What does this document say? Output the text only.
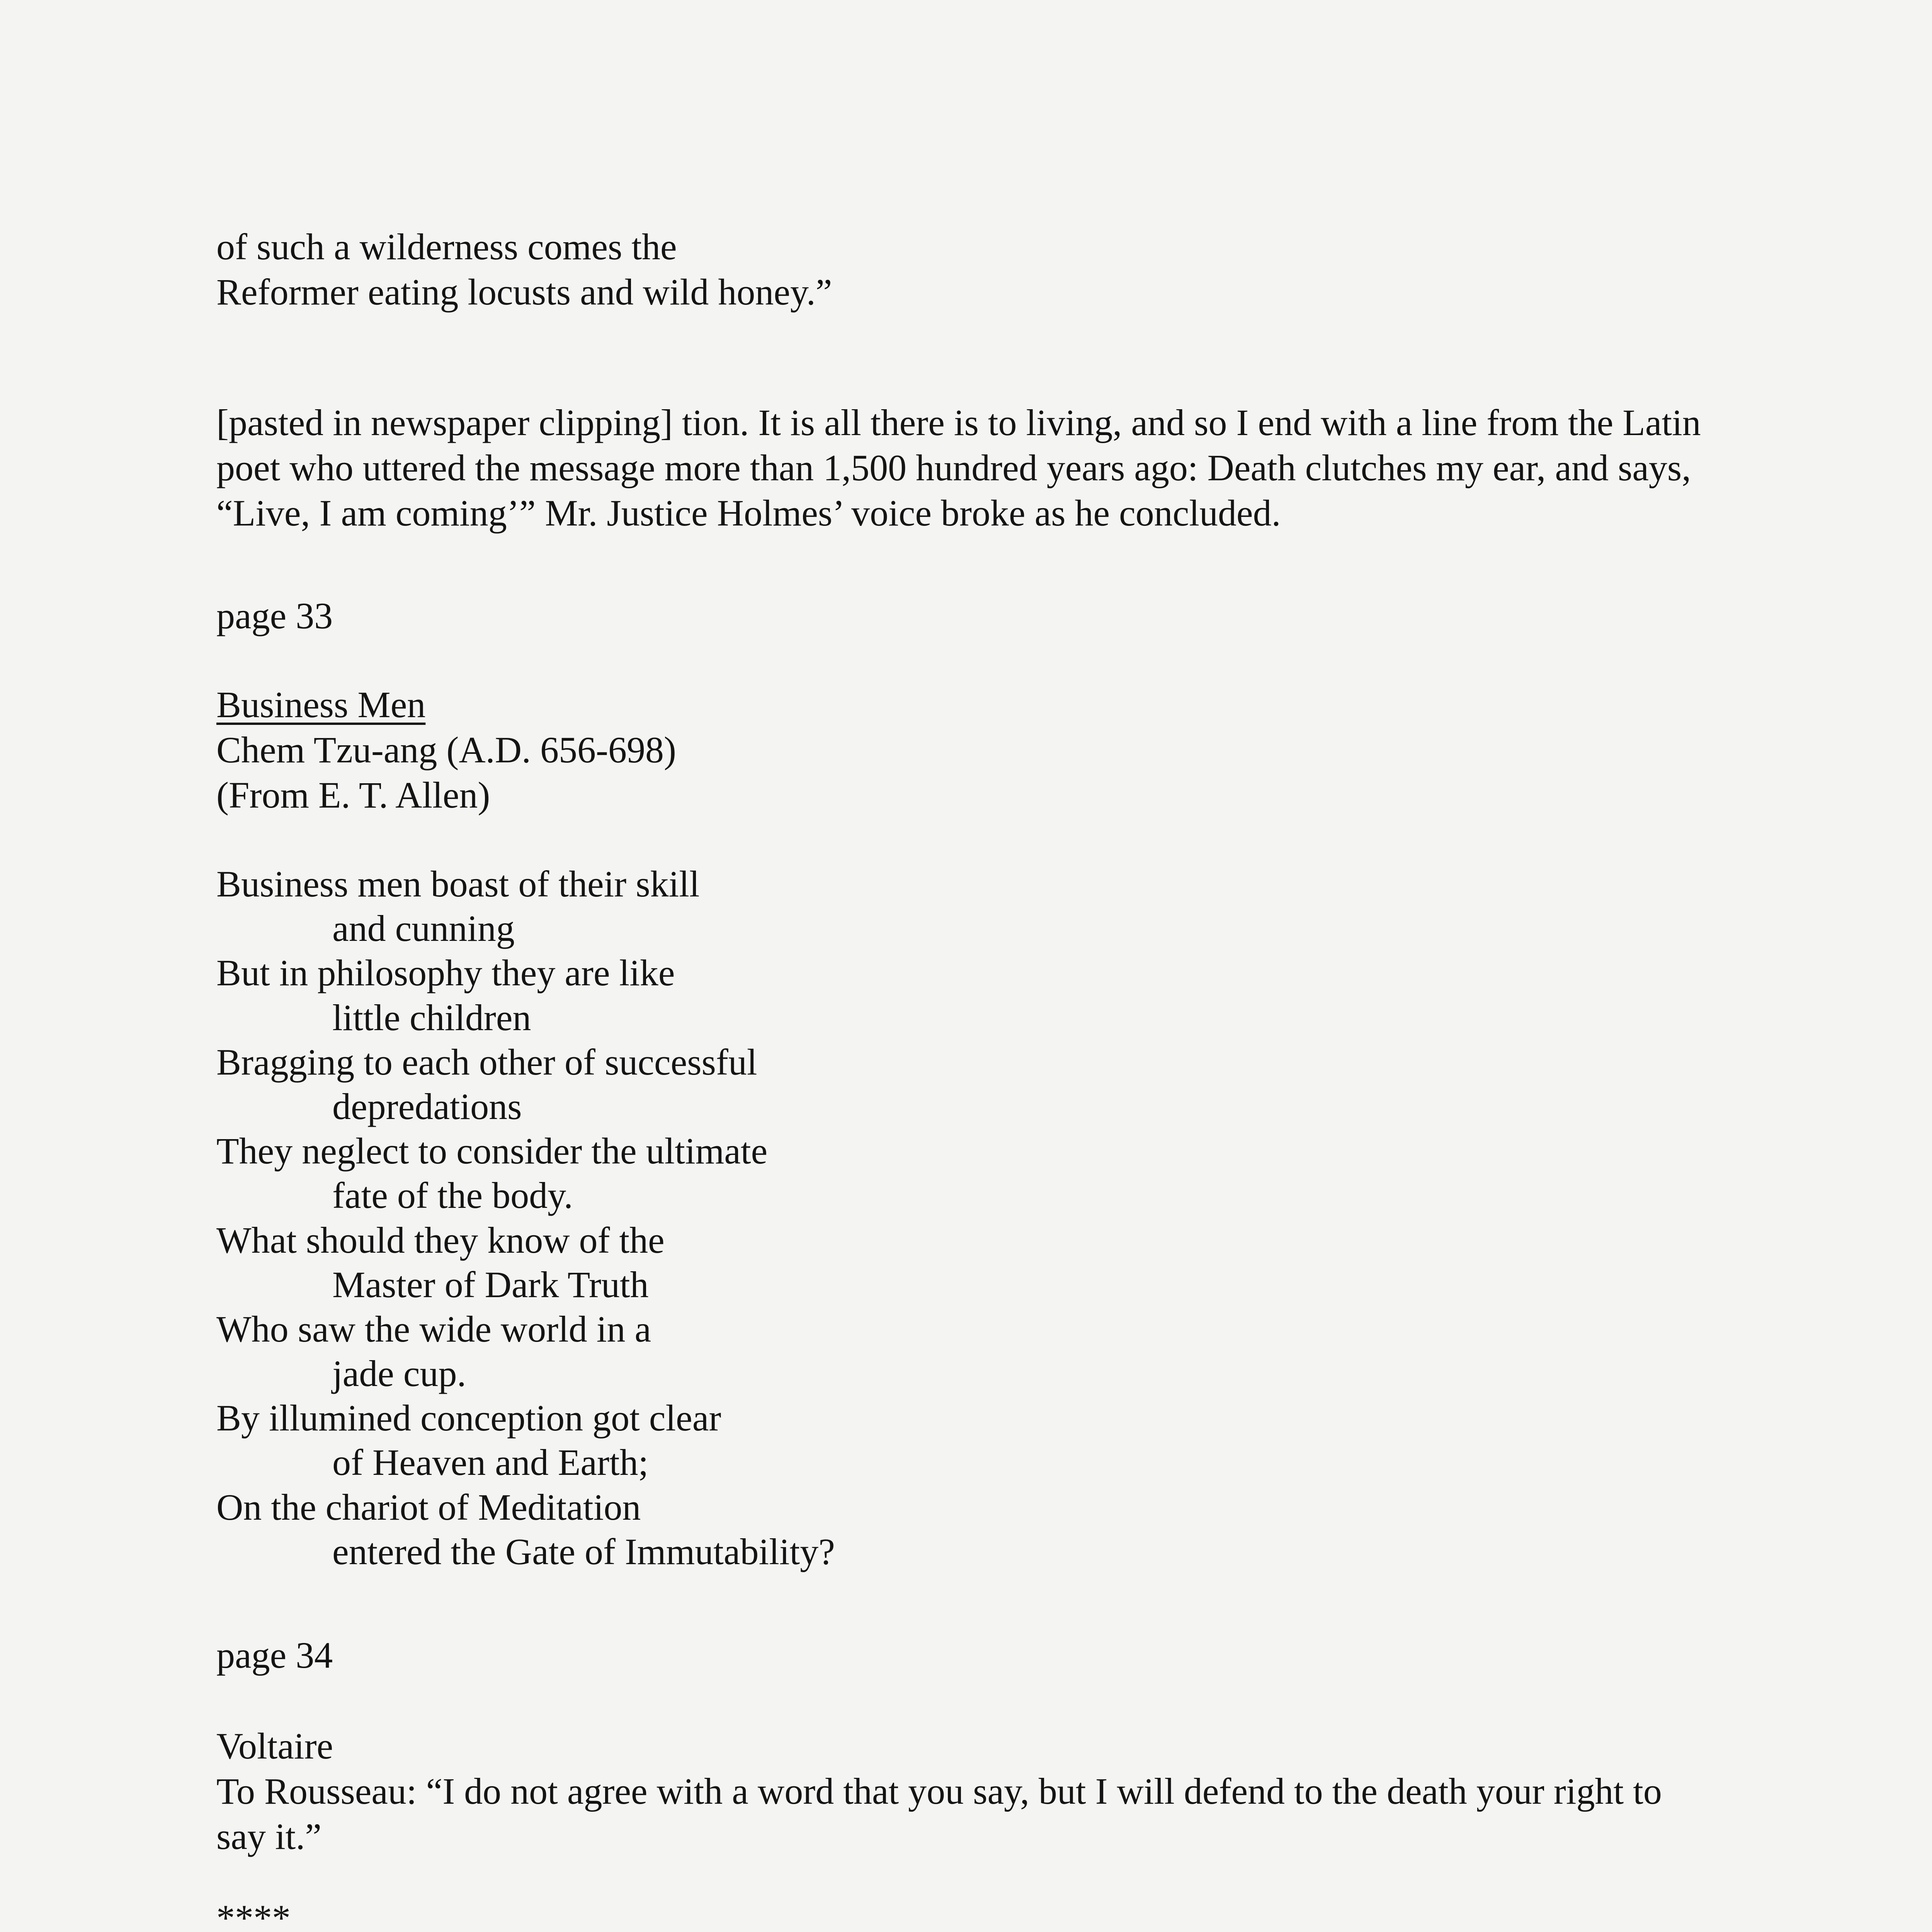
of such a wilderness comes the
Reformer eating locusts and wild honey.”
[pasted in newspaper clipping] tion. It is all there is to living, and so I end with a line from the Latin poet who uttered the message more than 1,500 hundred years ago: Death clutches my ear, and says, “Live, I am coming’” Mr. Justice Holmes’ voice broke as he concluded.
page 33
Business Men
Chem Tzu-ang (A.D. 656-698)
(From E. T. Allen)
Business men boast of their skill
and cunning
But in philosophy they are like
little children
Bragging to each other of successful
depredations
They neglect to consider the ultimate
fate of the body.
What should they know of the
Master of Dark Truth
Who saw the wide world in a
jade cup.
By illumined conception got clear
of Heaven and Earth;
On the chariot of Meditation
entered the Gate of Immutability?
page 34
Voltaire
To Rousseau: “I do not agree with a word that you say, but I will defend to the death your right to say it.”
****
